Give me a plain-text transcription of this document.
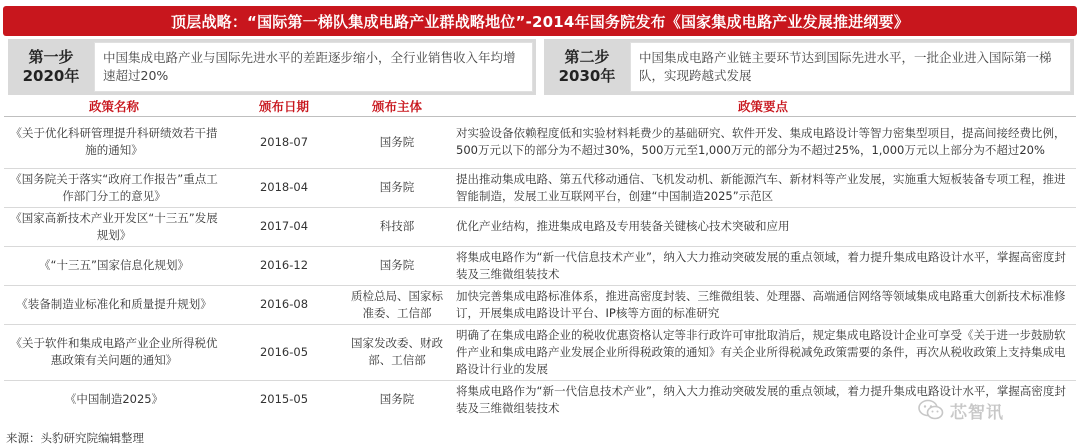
顶层战略：“国际第一梯队集成电路产业群战略地位”-2014年国务院发布《国家集成电路产业发展推进纲要》
第一步
2020年
中国集成电路产业与国际先进水平的差距逐步缩小，全行业销售收入年均增速超过20%
第二步
2030年
中国集成电路产业链主要环节达到国际先进水平，一批企业进入国际第一梯队，实现跨越式发展
政策名称	颁布日期	颁布主体	政策要点
《关于优化科研管理提升科研绩效若干措施的通知》	2018-07	国务院	对实验设备依赖程度低和实验材料耗费少的基础研究、软件开发、集成电路设计等智力密集型项目，提高间接经费比例，500万元以下的部分为不超过30%，500万元至1,000万元的部分为不超过25%，1,000万元以上部分为不超过20%
《国务院关于落实“政府工作报告”重点工作部门分工的意见》	2018-04	国务院	提出推动集成电路、第五代移动通信、飞机发动机、新能源汽车、新材料等产业发展，实施重大短板装备专项工程，推进智能制造，发展工业互联网平台，创建“中国制造2025”示范区
《国家高新技术产业开发区“十三五”发展规划》	2017-04	科技部	优化产业结构，推进集成电路及专用装备关键核心技术突破和应用
《“十三五”国家信息化规划》	2016-12	国务院	将集成电路作为“新一代信息技术产业”，纳入大力推动突破发展的重点领域，着力提升集成电路设计水平，掌握高密度封装及三维微组装技术
《装备制造业标准化和质量提升规划》	2016-08	质检总局、国家标准委、工信部	加快完善集成电路标准体系，推进高密度封装、三维微组装、处理器、高端通信网络等领域集成电路重大创新技术标准修订，开展集成电路设计平台、IP核等方面的标准研究
《关于软件和集成电路产业企业所得税优惠政策有关问题的通知》	2016-05	国家发改委、财政部、工信部	明确了在集成电路企业的税收优惠资格认定等非行政许可审批取消后，规定集成电路设计企业可享受《关于进一步鼓励软件产业和集成电路产业发展企业所得税政策的通知》有关企业所得税减免政策需要的条件，再次从税收政策上支持集成电路设计行业的发展
《中国制造2025》	2015-05	国务院	将集成电路作为“新一代信息技术产业”，纳入大力推动突破发展的重点领域，着力提升集成电路设计水平，掌握高密度封装及三维微组装技术
来源：头豹研究院编辑整理
芯智讯
